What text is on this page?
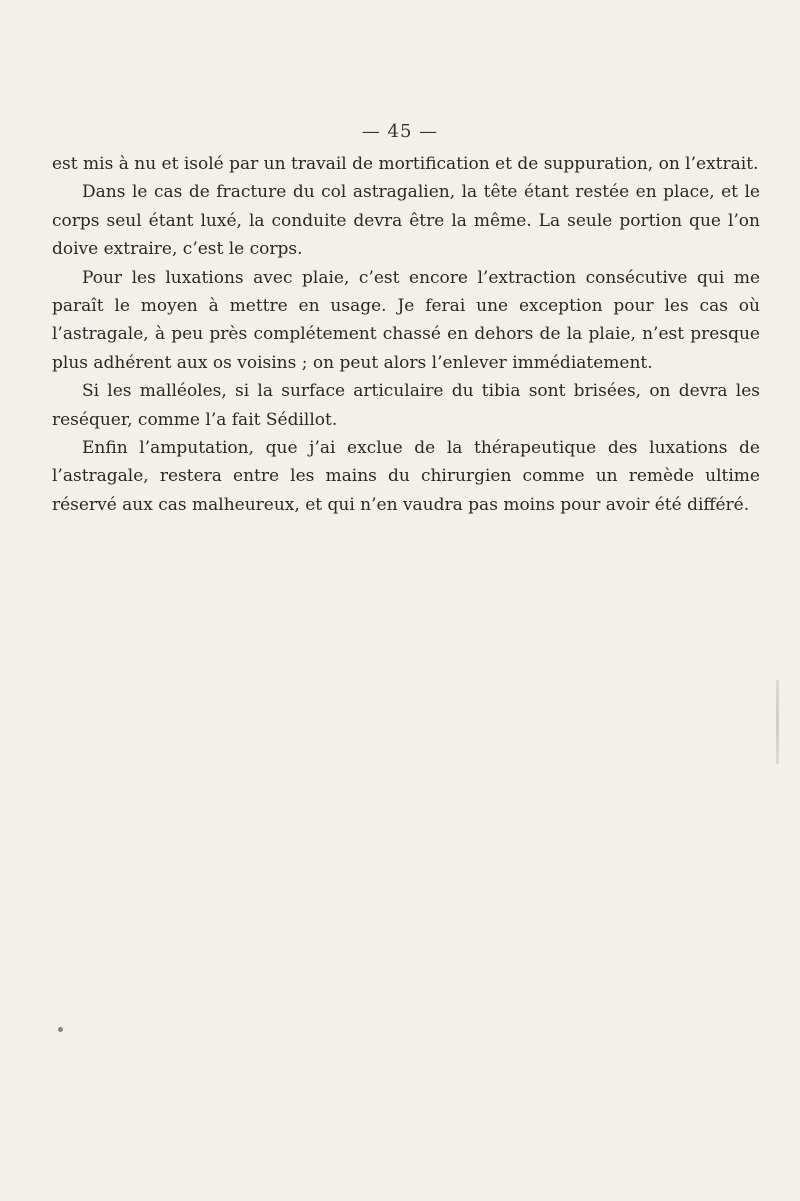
— 45 —

est mis à nu et isolé par un travail de mortification et de suppuration, on l’extrait.

Dans le cas de fracture du col astragalien, la tête étant restée en place, et le corps seul étant luxé, la conduite devra être la même. La seule portion que l’on doive extraire, c’est le corps.

Pour les luxations avec plaie, c’est encore l’extraction consécutive qui me paraît le moyen à mettre en usage. Je ferai une exception pour les cas où l’astragale, à peu près complétement chassé en dehors de la plaie, n’est presque plus adhérent aux os voisins ; on peut alors l’enlever immédiatement.

Si les malléoles, si la surface articulaire du tibia sont brisées, on devra les reséquer, comme l’a fait Sédillot.

Enfin l’amputation, que j’ai exclue de la thérapeutique des luxations de l’astragale, restera entre les mains du chirurgien comme un remède ultime réservé aux cas malheureux, et qui n’en vaudra pas moins pour avoir été différé.
